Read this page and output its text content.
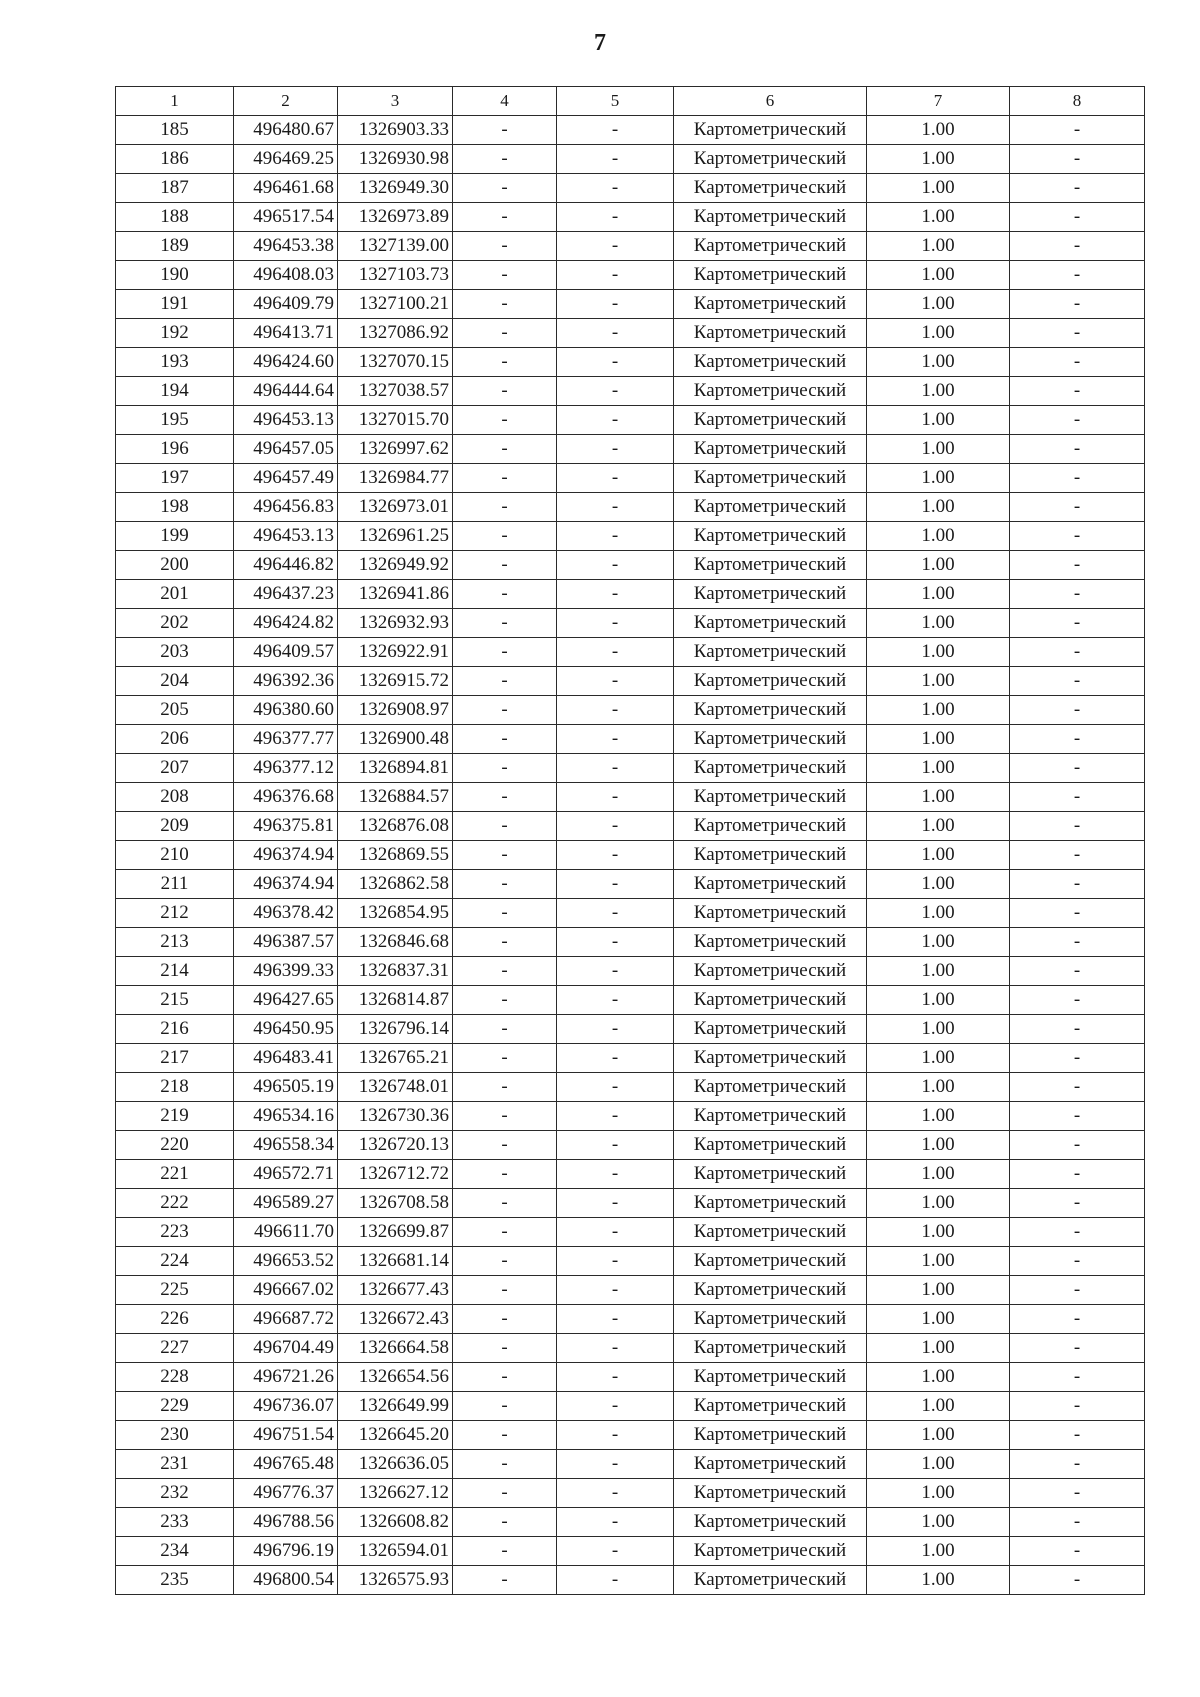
7
1	2	3	4	5	6	7	8
185	496480.67	1326903.33	-	-	Картометрический	1.00	-
186	496469.25	1326930.98	-	-	Картометрический	1.00	-
187	496461.68	1326949.30	-	-	Картометрический	1.00	-
188	496517.54	1326973.89	-	-	Картометрический	1.00	-
189	496453.38	1327139.00	-	-	Картометрический	1.00	-
190	496408.03	1327103.73	-	-	Картометрический	1.00	-
191	496409.79	1327100.21	-	-	Картометрический	1.00	-
192	496413.71	1327086.92	-	-	Картометрический	1.00	-
193	496424.60	1327070.15	-	-	Картометрический	1.00	-
194	496444.64	1327038.57	-	-	Картометрический	1.00	-
195	496453.13	1327015.70	-	-	Картометрический	1.00	-
196	496457.05	1326997.62	-	-	Картометрический	1.00	-
197	496457.49	1326984.77	-	-	Картометрический	1.00	-
198	496456.83	1326973.01	-	-	Картометрический	1.00	-
199	496453.13	1326961.25	-	-	Картометрический	1.00	-
200	496446.82	1326949.92	-	-	Картометрический	1.00	-
201	496437.23	1326941.86	-	-	Картометрический	1.00	-
202	496424.82	1326932.93	-	-	Картометрический	1.00	-
203	496409.57	1326922.91	-	-	Картометрический	1.00	-
204	496392.36	1326915.72	-	-	Картометрический	1.00	-
205	496380.60	1326908.97	-	-	Картометрический	1.00	-
206	496377.77	1326900.48	-	-	Картометрический	1.00	-
207	496377.12	1326894.81	-	-	Картометрический	1.00	-
208	496376.68	1326884.57	-	-	Картометрический	1.00	-
209	496375.81	1326876.08	-	-	Картометрический	1.00	-
210	496374.94	1326869.55	-	-	Картометрический	1.00	-
211	496374.94	1326862.58	-	-	Картометрический	1.00	-
212	496378.42	1326854.95	-	-	Картометрический	1.00	-
213	496387.57	1326846.68	-	-	Картометрический	1.00	-
214	496399.33	1326837.31	-	-	Картометрический	1.00	-
215	496427.65	1326814.87	-	-	Картометрический	1.00	-
216	496450.95	1326796.14	-	-	Картометрический	1.00	-
217	496483.41	1326765.21	-	-	Картометрический	1.00	-
218	496505.19	1326748.01	-	-	Картометрический	1.00	-
219	496534.16	1326730.36	-	-	Картометрический	1.00	-
220	496558.34	1326720.13	-	-	Картометрический	1.00	-
221	496572.71	1326712.72	-	-	Картометрический	1.00	-
222	496589.27	1326708.58	-	-	Картометрический	1.00	-
223	496611.70	1326699.87	-	-	Картометрический	1.00	-
224	496653.52	1326681.14	-	-	Картометрический	1.00	-
225	496667.02	1326677.43	-	-	Картометрический	1.00	-
226	496687.72	1326672.43	-	-	Картометрический	1.00	-
227	496704.49	1326664.58	-	-	Картометрический	1.00	-
228	496721.26	1326654.56	-	-	Картометрический	1.00	-
229	496736.07	1326649.99	-	-	Картометрический	1.00	-
230	496751.54	1326645.20	-	-	Картометрический	1.00	-
231	496765.48	1326636.05	-	-	Картометрический	1.00	-
232	496776.37	1326627.12	-	-	Картометрический	1.00	-
233	496788.56	1326608.82	-	-	Картометрический	1.00	-
234	496796.19	1326594.01	-	-	Картометрический	1.00	-
235	496800.54	1326575.93	-	-	Картометрический	1.00	-
